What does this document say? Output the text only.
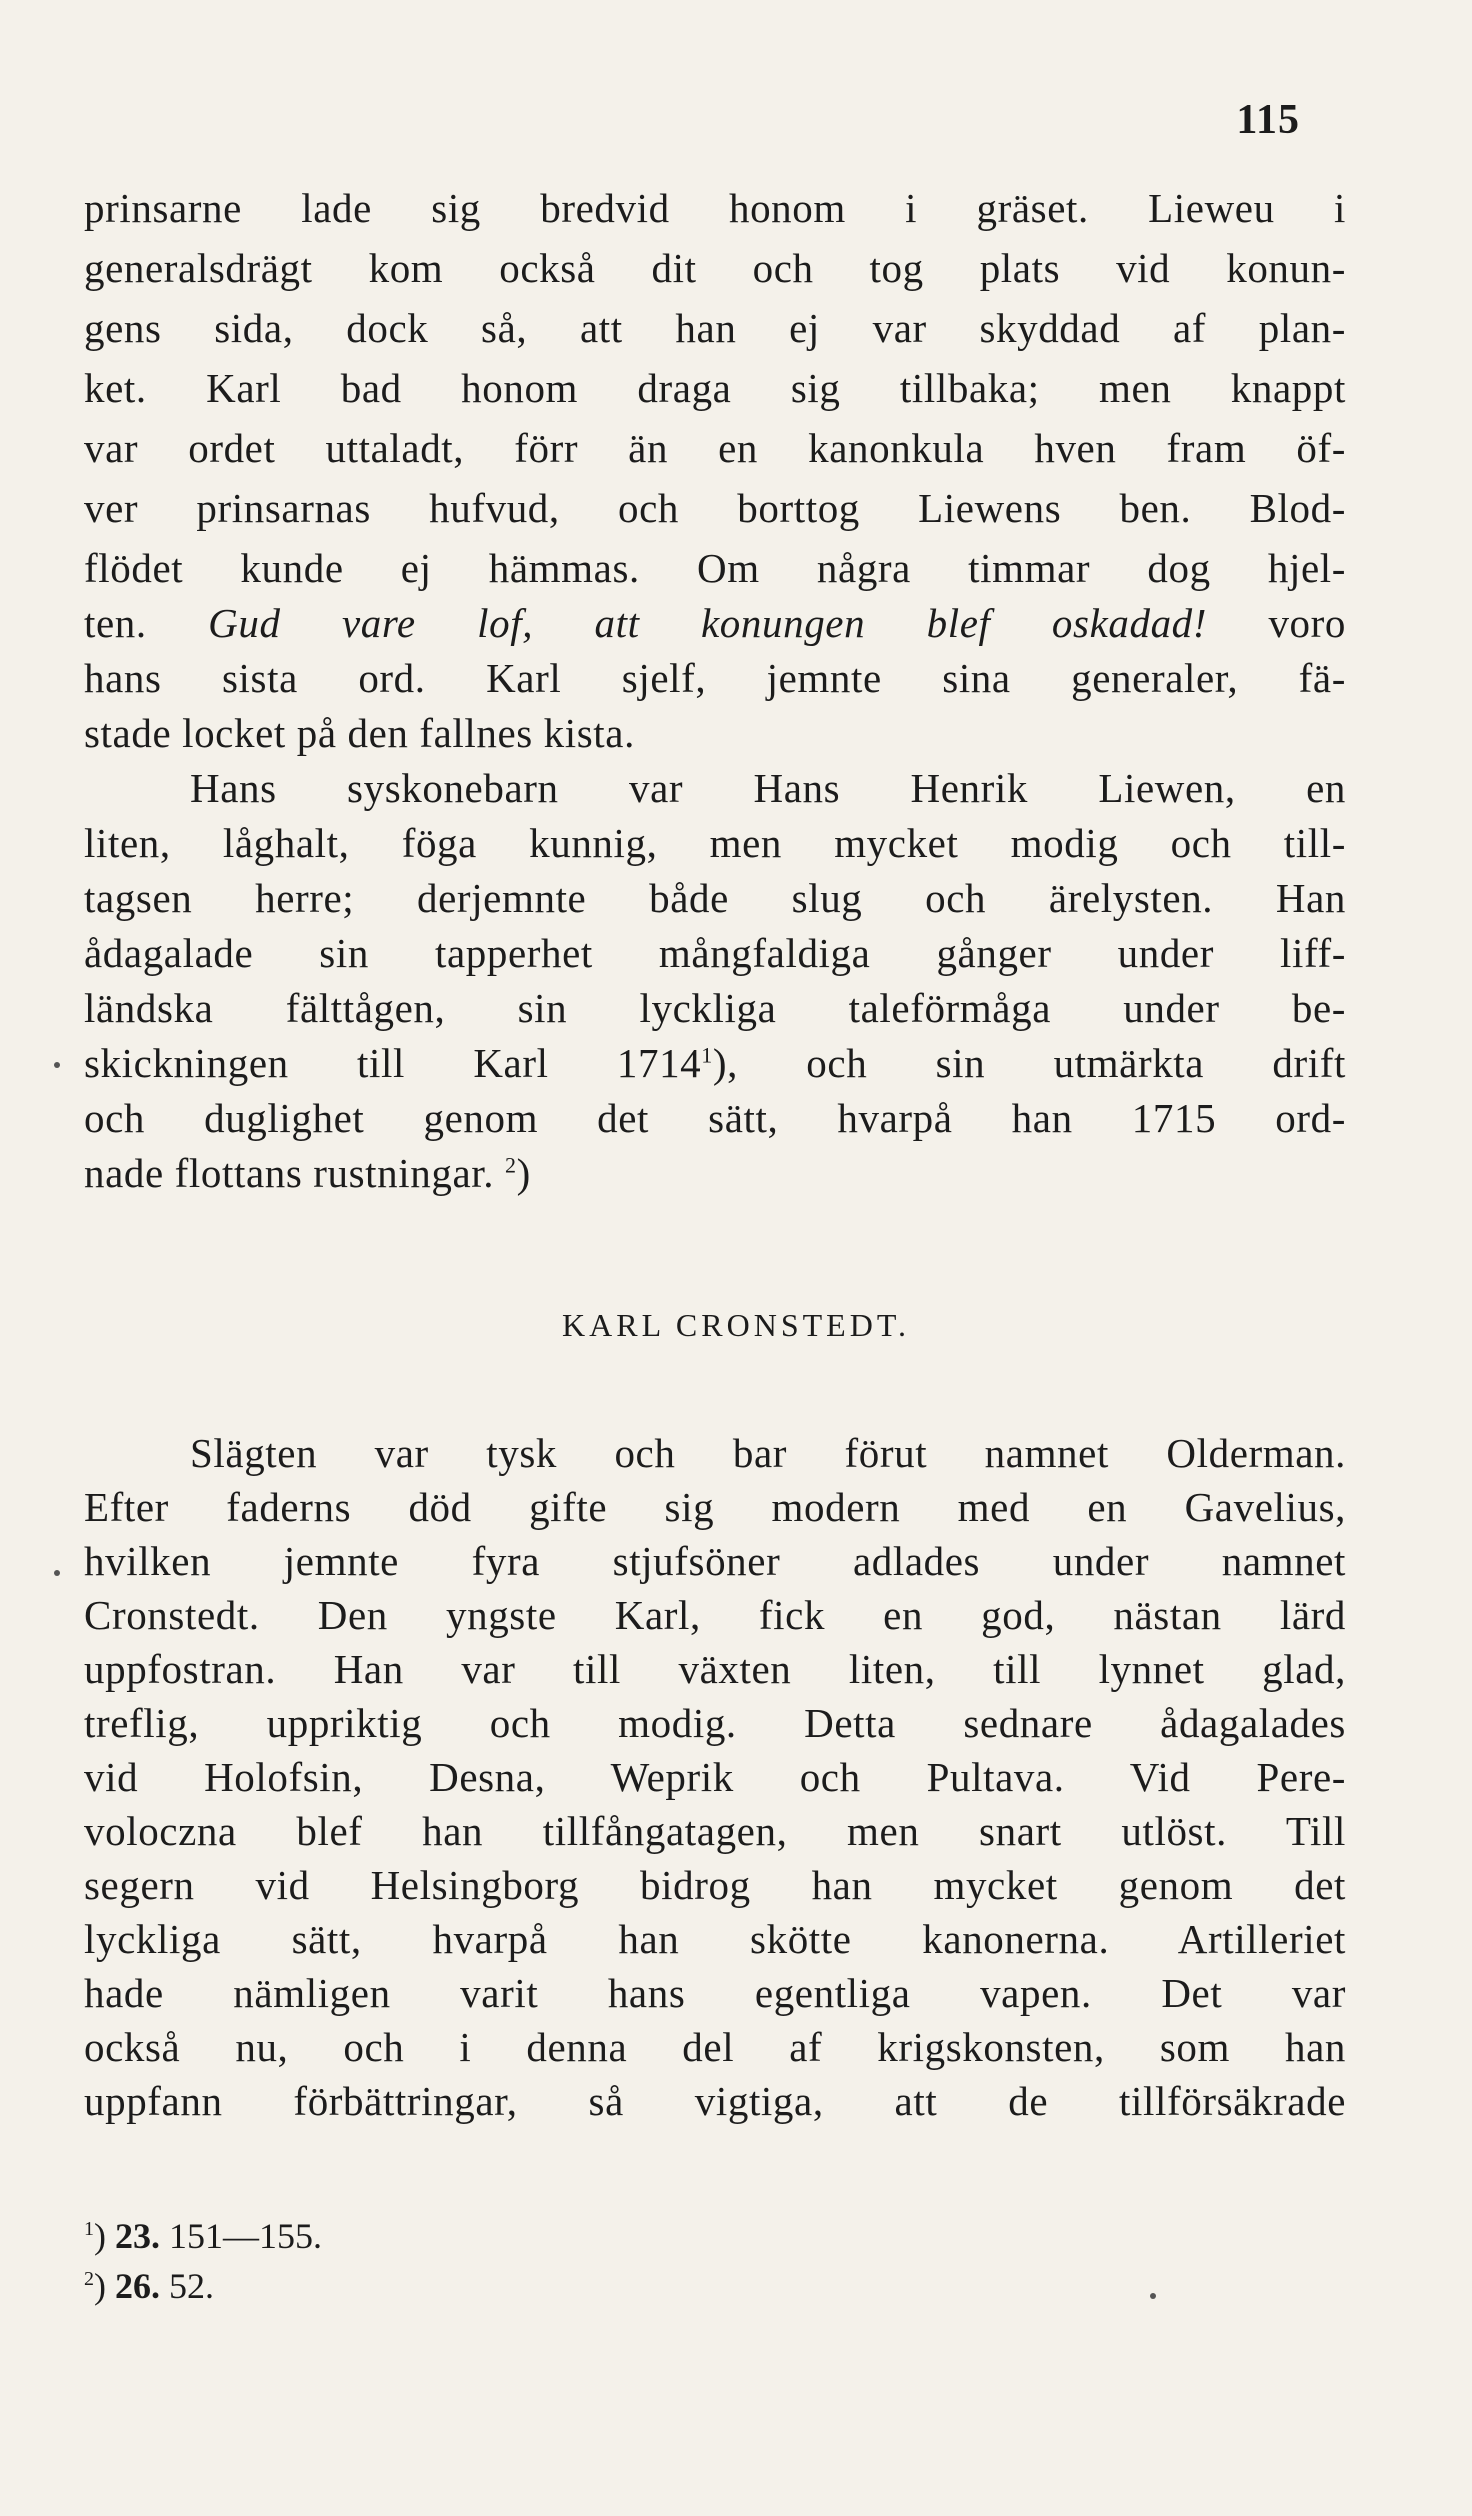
115
prinsarne lade sig bredvid honom i gräset. Lieweu i
generalsdrägt kom också dit och tog plats vid konun-
gens sida, dock så, att han ej var skyddad af plan-
ket. Karl bad honom draga sig tillbaka; men knappt
var ordet uttaladt, förr än en kanonkula hven fram öf-
ver prinsarnas hufvud, och borttog Liewens ben. Blod-
flödet kunde ej hämmas. Om några timmar dog hjel-
ten. Gud vare lof, att konungen blef oskadad! voro
hans sista ord. Karl sjelf, jemnte sina generaler, fä-
stade locket på den fallnes kista.
Hans syskonebarn var Hans Henrik Liewen, en
liten, låghalt, föga kunnig, men mycket modig och till-
tagsen herre; derjemnte både slug och ärelysten. Han
ådagalade sin tapperhet mångfaldiga gånger under liff-
ländska fälttågen, sin lyckliga taleförmåga under be-
skickningen till Karl 1714$^1$), och sin utmärkta drift
och duglighet genom det sätt, hvarpå han 1715 ord-
nade flottans rustningar. $^2$)
KARL CRONSTEDT.
Slägten var tysk och bar förut namnet Olderman.
Efter faderns död gifte sig modern med en Gavelius,
hvilken jemnte fyra stjufsöner adlades under namnet
Cronstedt. Den yngste Karl, fick en god, nästan lärd
uppfostran. Han var till växten liten, till lynnet glad,
treflig, uppriktig och modig. Detta sednare ådagalades
vid Holofsin, Desna, Weprik och Pultava. Vid Pere-
voloczna blef han tillfångatagen, men snart utlöst. Till
segern vid Helsingborg bidrog han mycket genom det
lyckliga sätt, hvarpå han skötte kanonerna. Artilleriet
hade nämligen varit hans egentliga vapen. Det var
också nu, och i denna del af krigskonsten, som han
uppfann förbättringar, så vigtiga, att de tillförsäkrade
$^1$) 23. 151—155.
$^2$) 26. 52.
